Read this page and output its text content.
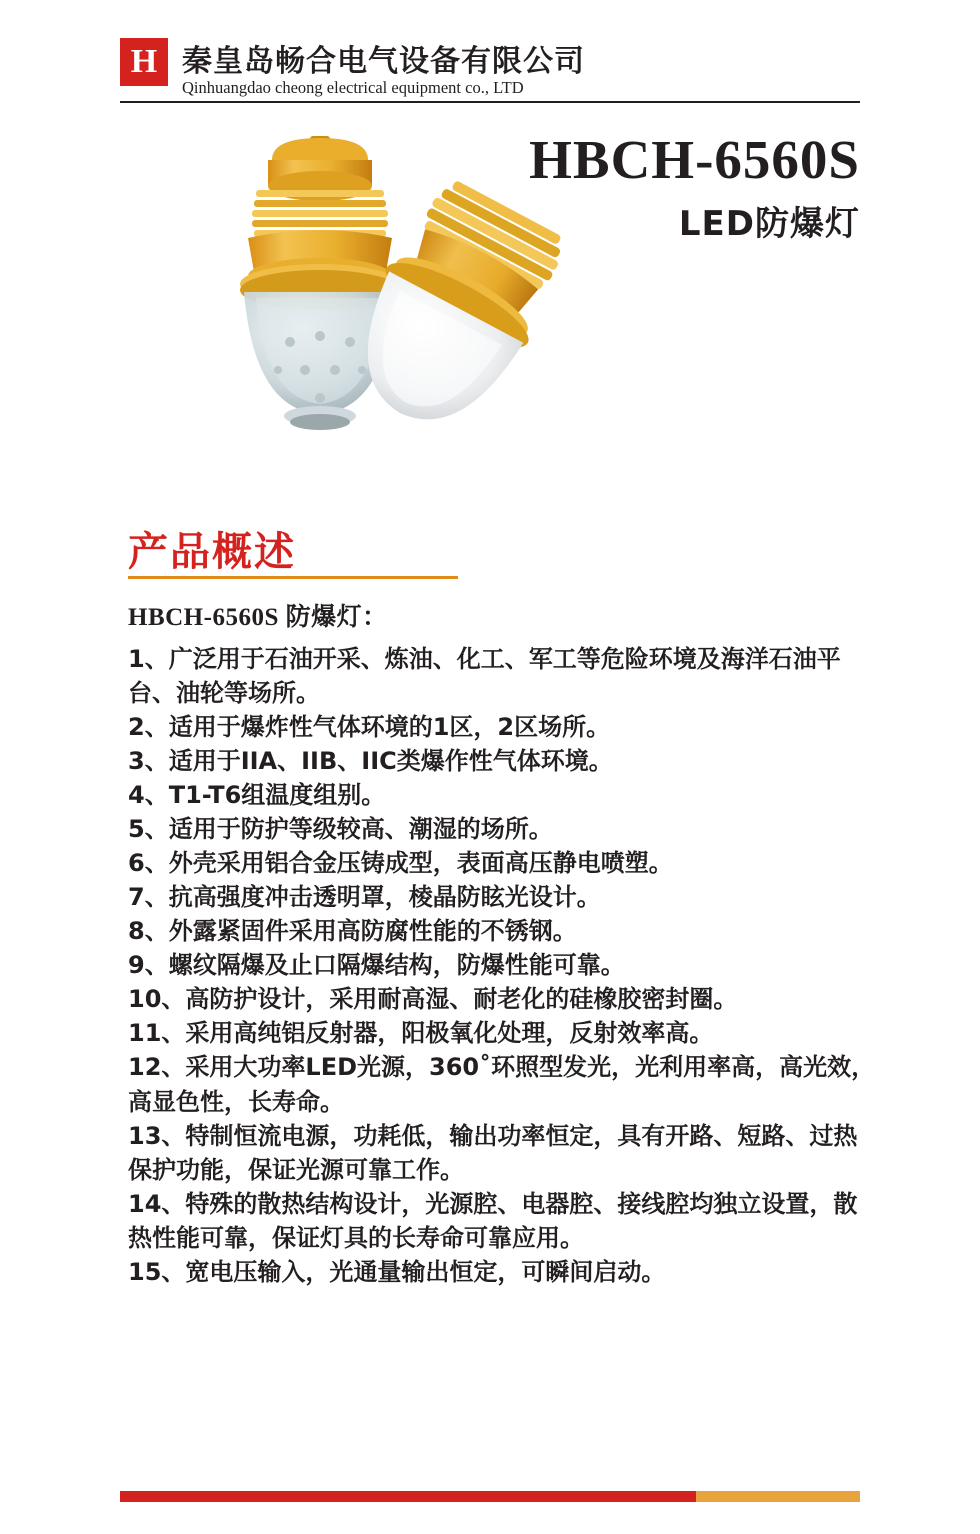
H 秦皇岛畅合电气设备有限公司
Qinhuangdao cheong electrical equipment co., LTD
HBCH-6560S
LED防爆灯
产品概述

HBCH-6560S 防爆灯：

1、广泛用于石油开采、炼油、化工、军工等危险环境及海洋石油平台、油轮等场所。

2、适用于爆炸性气体环境的1区，2区场所。

3、适用于IIA、IIB、IIC类爆作性气体环境。

4、T1-T6组温度组别。

5、适用于防护等级较高、潮湿的场所。

6、外壳采用铝合金压铸成型，表面高压静电喷塑。

7、抗高强度冲击透明罩，棱晶防眩光设计。

8、外露紧固件采用高防腐性能的不锈钢。

9、螺纹隔爆及止口隔爆结构，防爆性能可靠。

10、高防护设计，采用耐高湿、耐老化的硅橡胶密封圈。

11、采用高纯铝反射器，阳极氧化处理，反射效率高。

12、采用大功率LED光源，360˚环照型发光，光利用率高，高光效，高显色性，长寿命。

13、特制恒流电源，功耗低，输出功率恒定，具有开路、短路、过热保护功能，保证光源可靠工作。

14、特殊的散热结构设计，光源腔、电器腔、接线腔均独立设置，散热性能可靠，保证灯具的长寿命可靠应用。

15、宽电压输入，光通量输出恒定，可瞬间启动。
